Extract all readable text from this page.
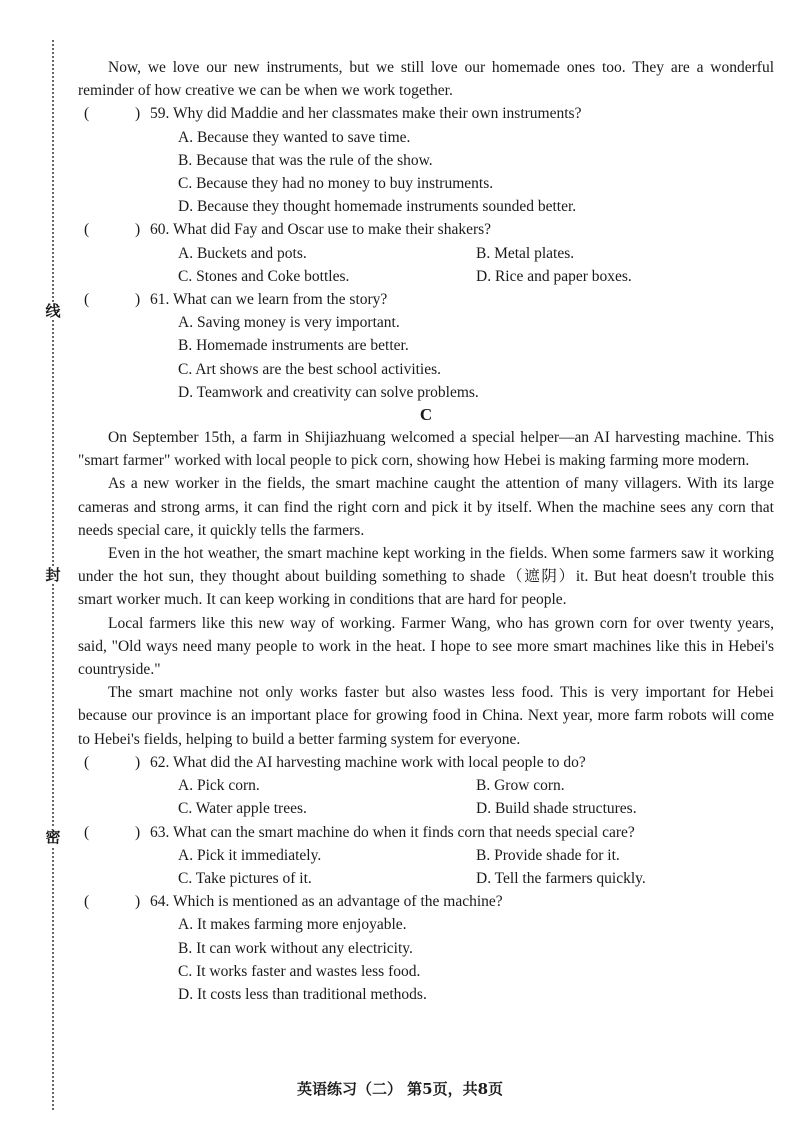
线
封
密

Now, we love our new instruments, but we still love our homemade ones too. They are a wonderful reminder of how creative we can be when we work together.

(	) 59. Why did Maddie and her classmates make their own instruments?
A. Because they wanted to save time.
B. Because that was the rule of the show.
C. Because they had no money to buy instruments.
D. Because they thought homemade instruments sounded better.
(	) 60. What did Fay and Oscar use to make their shakers?
A. Buckets and pots.	B. Metal plates.
C. Stones and Coke bottles.	D. Rice and paper boxes.
(	) 61. What can we learn from the story?
A. Saving money is very important.
B. Homemade instruments are better.
C. Art shows are the best school activities.
D. Teamwork and creativity can solve problems.
C

On September 15th, a farm in Shijiazhuang welcomed a special helper—an AI harvesting machine. This "smart farmer" worked with local people to pick corn, showing how Hebei is making farming more modern.

As a new worker in the fields, the smart machine caught the attention of many villagers. With its large cameras and strong arms, it can find the right corn and pick it by itself. When the machine sees any corn that needs special care, it quickly tells the farmers.

Even in the hot weather, the smart machine kept working in the fields. When some farmers saw it working under the hot sun, they thought about building something to shade（遮阴）it. But heat doesn't trouble this smart worker much. It can keep working in conditions that are hard for people.

Local farmers like this new way of working. Farmer Wang, who has grown corn for over twenty years, said, "Old ways need many people to work in the heat. I hope to see more smart machines like this in Hebei's countryside."

The smart machine not only works faster but also wastes less food. This is very important for Hebei because our province is an important place for growing food in China. Next year, more farm robots will come to Hebei's fields, helping to build a better farming system for everyone.

(	) 62. What did the AI harvesting machine work with local people to do?
A. Pick corn.	B. Grow corn.
C. Water apple trees.	D. Build shade structures.
(	) 63. What can the smart machine do when it finds corn that needs special care?
A. Pick it immediately.	B. Provide shade for it.
C. Take pictures of it.	D. Tell the farmers quickly.
(	) 64. Which is mentioned as an advantage of the machine?
A. It makes farming more enjoyable.
B. It can work without any electricity.
C. It works faster and wastes less food.
D. It costs less than traditional methods.
英语练习（二） 第5页，共8页
